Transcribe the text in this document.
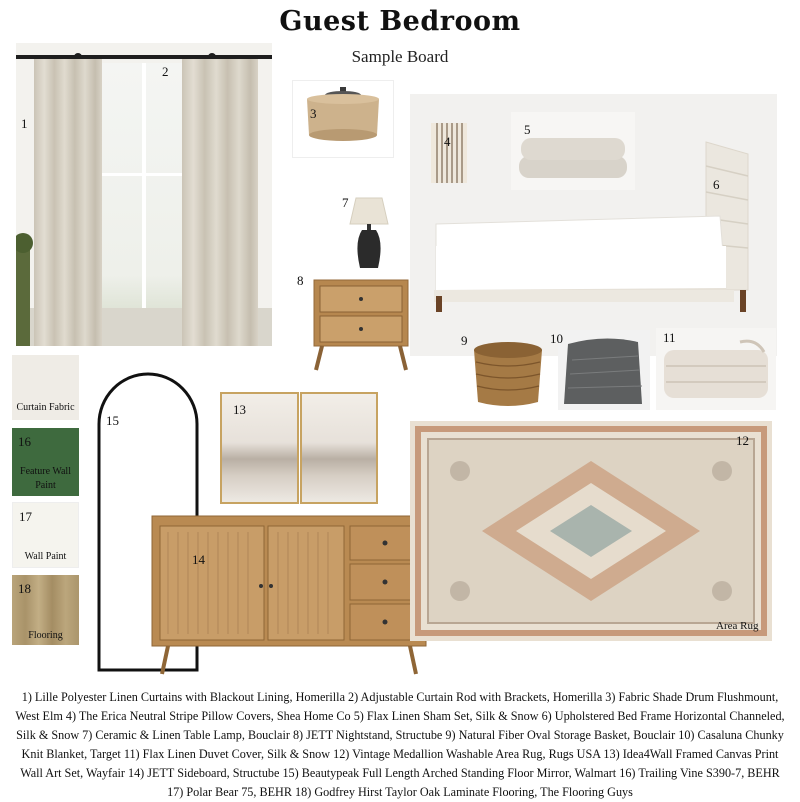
Guest Bedroom
Sample Board
1
2
3
4
5
6
7
8
9	10	11
Curtain Fabric
16
Feature Wall
Paint
17
Wall Paint
18
Flooring
15
13
14
12
Area Rug
1) Lille Polyester Linen Curtains with Blackout Lining, Homerilla 2) Adjustable Curtain Rod with Brackets, Homerilla 3) Fabric Shade Drum Flushmount, West Elm 4) The Erica Neutral Stripe Pillow Covers, Shea Home Co 5) Flax Linen Sham Set, Silk & Snow 6) Upholstered Bed Frame Horizontal Channeled, Silk & Snow 7) Ceramic & Linen Table Lamp, Bouclair 8) JETT Nightstand, Structube 9) Natural Fiber Oval Storage Basket, Bouclair 10) Casaluna Chunky Knit Blanket, Target 11) Flax Linen Duvet Cover, Silk & Snow 12) Vintage Medallion Washable Area Rug, Rugs USA 13) Idea4Wall Framed Canvas Print Wall Art Set, Wayfair 14) JETT Sideboard, Structube 15) Beautypeak Full Length Arched Standing Floor Mirror, Walmart 16) Trailing Vine S390-7, BEHR 17) Polar Bear 75, BEHR 18) Godfrey Hirst Taylor Oak Laminate Flooring, The Flooring Guys
